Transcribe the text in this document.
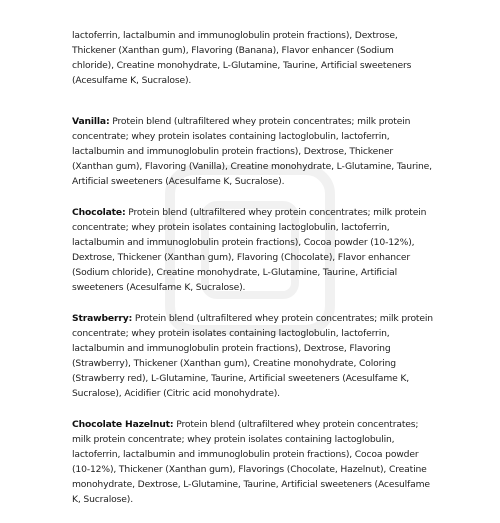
lactoferrin, lactalbumin and immunoglobulin protein fractions), Dextrose, Thickener (Xanthan gum), Flavoring (Banana), Flavor enhancer (Sodium chloride), Creatine monohydrate, L-Glutamine, Taurine, Artificial sweeteners (Acesulfame K, Sucralose).

Vanilla: Protein blend (ultrafiltered whey protein concentrates; milk protein concentrate; whey protein isolates containing lactoglobulin, lactoferrin, lactalbumin and immunoglobulin protein fractions), Dextrose, Thickener (Xanthan gum), Flavoring (Vanilla), Creatine monohydrate, L-Glutamine, Taurine, Artificial sweeteners (Acesulfame K, Sucralose).

Chocolate: Protein blend (ultrafiltered whey protein concentrates; milk protein concentrate; whey protein isolates containing lactoglobulin, lactoferrin, lactalbumin and immunoglobulin protein fractions), Cocoa powder (10-12%), Dextrose, Thickener (Xanthan gum), Flavoring (Chocolate), Flavor enhancer (Sodium chloride), Creatine monohydrate, L-Glutamine, Taurine, Artificial sweeteners (Acesulfame K, Sucralose).

Strawberry: Protein blend (ultrafiltered whey protein concentrates; milk protein concentrate; whey protein isolates containing lactoglobulin, lactoferrin, lactalbumin and immunoglobulin protein fractions), Dextrose, Flavoring (Strawberry), Thickener (Xanthan gum), Creatine monohydrate, Coloring (Strawberry red), L-Glutamine, Taurine, Artificial sweeteners (Acesulfame K, Sucralose), Acidifier (Citric acid monohydrate).

Chocolate Hazelnut: Protein blend (ultrafiltered whey protein concentrates; milk protein concentrate; whey protein isolates containing lactoglobulin, lactoferrin, lactalbumin and immunoglobulin protein fractions), Cocoa powder (10-12%), Thickener (Xanthan gum), Flavorings (Chocolate, Hazelnut), Creatine monohydrate, Dextrose, L-Glutamine, Taurine, Artificial sweeteners (Acesulfame K, Sucralose).
